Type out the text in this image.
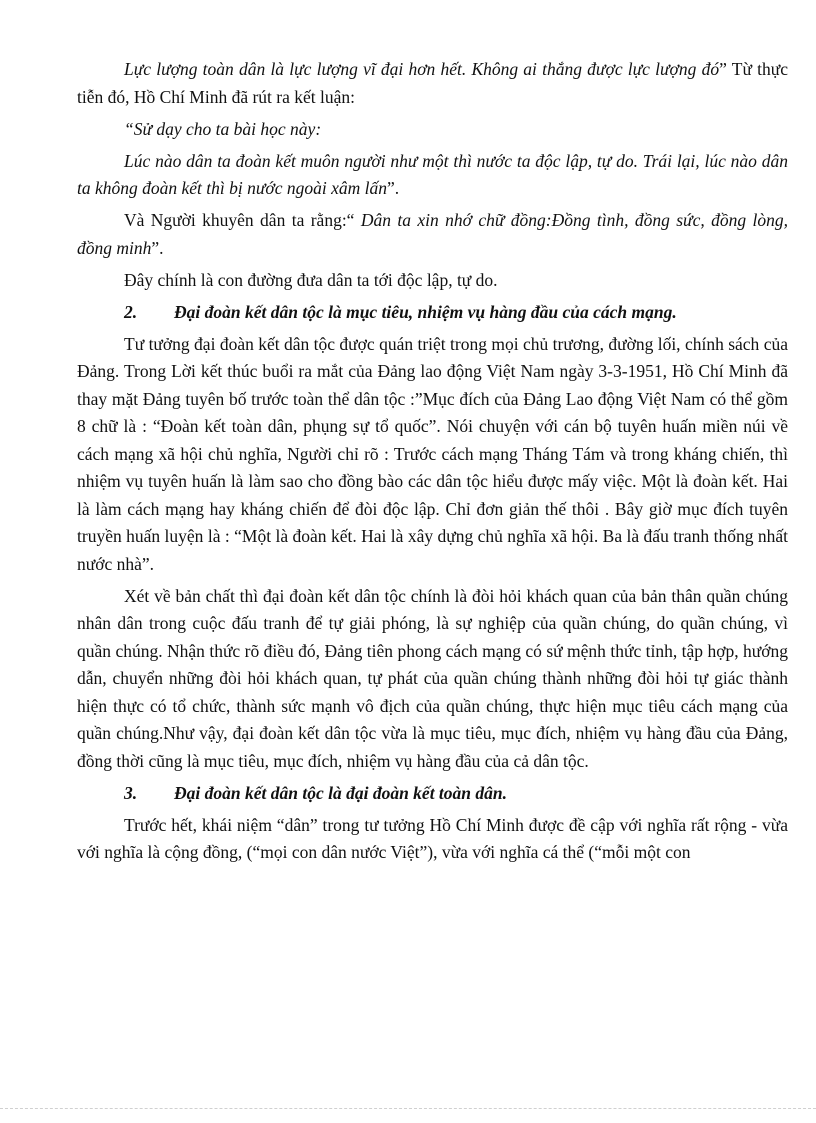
Lực lượng toàn dân là lực lượng vĩ đại hơn hết. Không ai thắng được lực lượng đó” Từ thực tiễn đó, Hồ Chí Minh đã rút ra kết luận:

“Sử dạy cho ta bài học này:

Lúc nào dân ta đoàn kết muôn người như một thì nước ta độc lập, tự do. Trái lại, lúc nào dân ta không đoàn kết thì bị nước ngoài xâm lấn”.

Và Người khuyên dân ta rằng:“ Dân ta xin nhớ chữ đồng:Đồng tình, đồng sức, đồng lòng, đồng minh”.

Đây chính là con đường đưa dân ta tới độc lập, tự do.

2. Đại đoàn kết dân tộc là mục tiêu, nhiệm vụ hàng đầu của cách mạng.

Tư tưởng đại đoàn kết dân tộc được quán triệt trong mọi chủ trương, đường lối, chính sách của Đảng. Trong Lời kết thúc buổi ra mắt của Đảng lao động Việt Nam ngày 3-3-1951, Hồ Chí Minh đã thay mặt Đảng tuyên bố trước toàn thể dân tộc :”Mục đích của Đảng Lao động Việt Nam có thể gồm 8 chữ là : “Đoàn kết toàn dân, phụng sự tổ quốc”. Nói chuyện với cán bộ tuyên huấn miền núi về cách mạng xã hội chủ nghĩa, Người chỉ rõ : Trước cách mạng Tháng Tám và trong kháng chiến, thì nhiệm vụ tuyên huấn là làm sao cho đồng bào các dân tộc hiểu được mấy việc. Một là đoàn kết. Hai là làm cách mạng hay kháng chiến để đòi độc lập. Chỉ đơn giản thế thôi . Bây giờ mục đích tuyên truyền huấn luyện là : “Một là đoàn kết. Hai là xây dựng chủ nghĩa xã hội. Ba là đấu tranh thống nhất nước nhà”.

Xét về bản chất thì đại đoàn kết dân tộc chính là đòi hỏi khách quan của bản thân quần chúng nhân dân trong cuộc đấu tranh để tự giải phóng, là sự nghiệp của quần chúng, do quần chúng, vì quần chúng. Nhận thức rõ điều đó, Đảng tiên phong cách mạng có sứ mệnh thức tỉnh, tập hợp, hướng dẫn, chuyển những đòi hỏi khách quan, tự phát của quần chúng thành những đòi hỏi tự giác thành hiện thực có tổ chức, thành sức mạnh vô địch của quần chúng, thực hiện mục tiêu cách mạng của quần chúng.Như vậy, đại đoàn kết dân tộc vừa là mục tiêu, mục đích, nhiệm vụ hàng đầu của Đảng, đồng thời cũng là mục tiêu, mục đích, nhiệm vụ hàng đầu của cả dân tộc.

3. Đại đoàn kết dân tộc là đại đoàn kết toàn dân.

Trước hết, khái niệm “dân” trong tư tưởng Hồ Chí Minh được đề cập với nghĩa rất rộng - vừa với nghĩa là cộng đồng, (“mọi con dân nước Việt”), vừa với nghĩa cá thể (“mỗi một con
